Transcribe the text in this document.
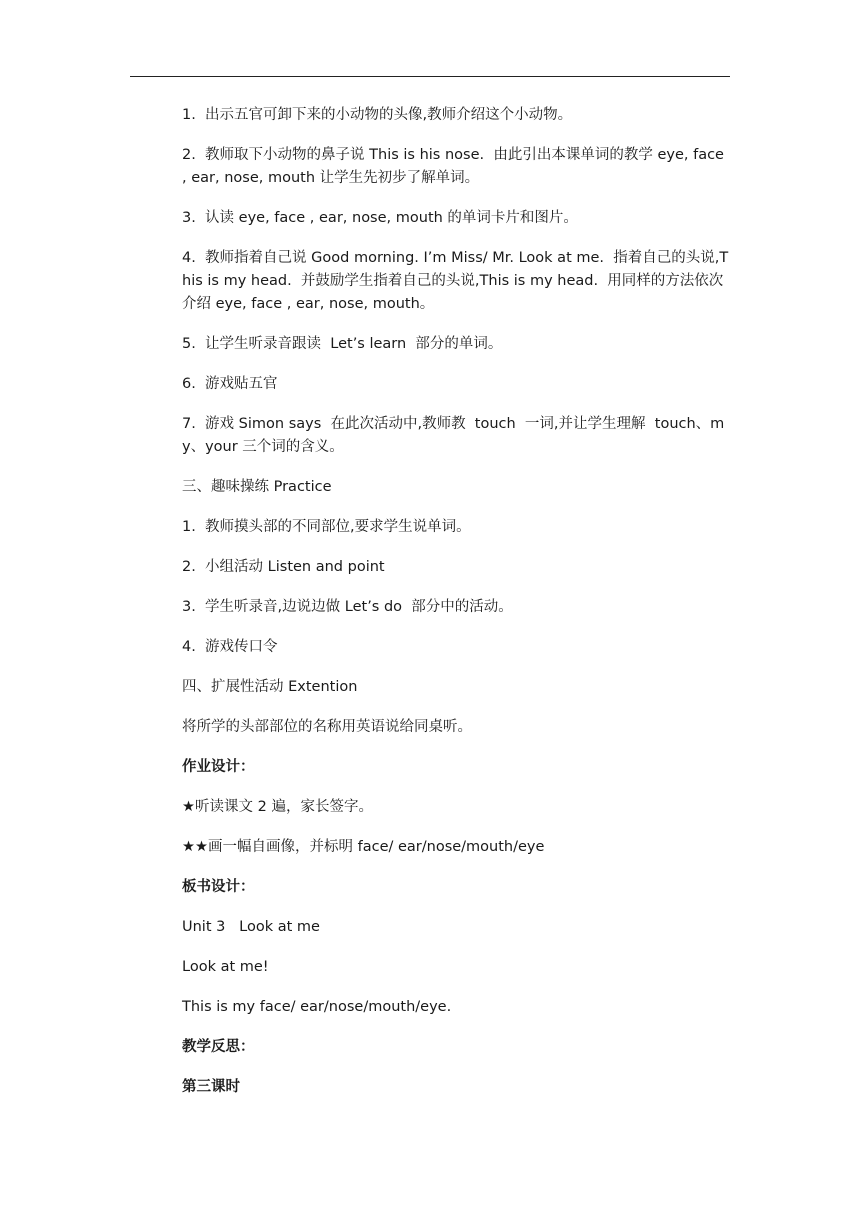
1.  出示五官可卸下来的小动物的头像,教师介绍这个小动物。

2.  教师取下小动物的鼻子说 This is his nose.  由此引出本课单词的教学 eye, face , ear, nose, mouth 让学生先初步了解单词。

3.  认读 eye, face , ear, nose, mouth 的单词卡片和图片。

4.  教师指着自己说 Good morning. I’m Miss/ Mr. Look at me.  指着自己的头说,This is my head.  并鼓励学生指着自己的头说,This is my head.  用同样的方法依次介绍 eye, face , ear, nose, mouth。

5.  让学生听录音跟读  Let’s learn  部分的单词。

6.  游戏贴五官

7.  游戏 Simon says  在此次活动中,教师教  touch  一词,并让学生理解  touch、my、your 三个词的含义。

三、趣味操练 Practice

1.  教师摸头部的不同部位,要求学生说单词。

2.  小组活动 Listen and point

3.  学生听录音,边说边做 Let’s do  部分中的活动。

4.  游戏传口令

四、扩展性活动 Extention

将所学的头部部位的名称用英语说给同桌听。

作业设计：

★听读课文 2 遍，家长签字。

★★画一幅自画像，并标明 face/ ear/nose/mouth/eye

板书设计：

Unit 3   Look at me

Look at me!

This is my face/ ear/nose/mouth/eye.

教学反思：

第三课时
